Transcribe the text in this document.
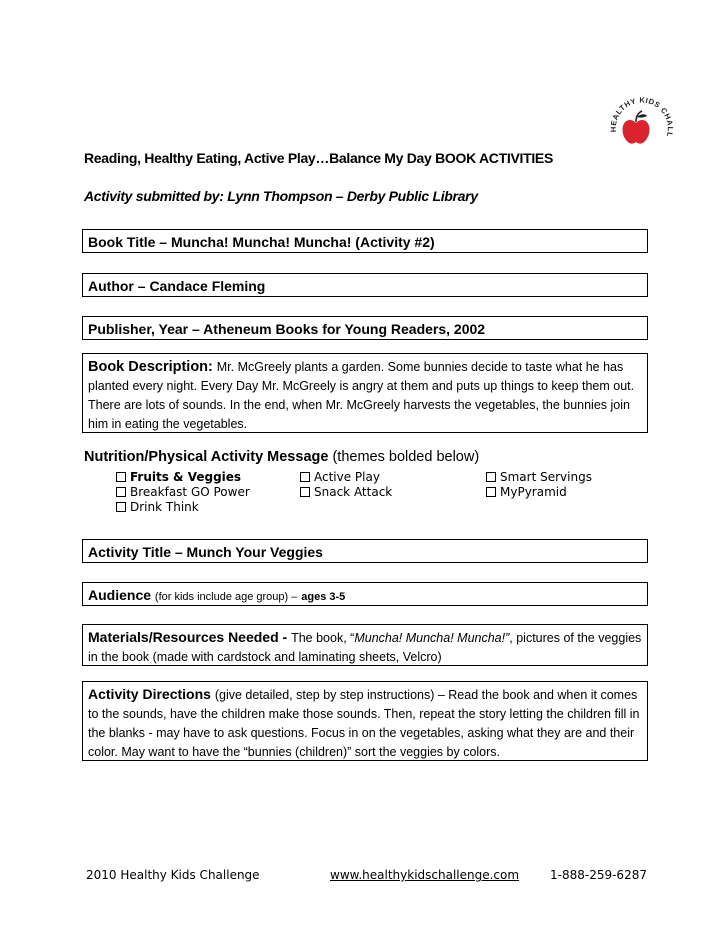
HEALTHY KIDS CHALL
Reading, Healthy Eating, Active Play…Balance My Day BOOK ACTIVITIES
Activity submitted by: Lynn Thompson – Derby Public Library
Book Title – Muncha! Muncha! Muncha! (Activity #2)
Author – Candace Fleming
Publisher, Year – Atheneum Books for Young Readers, 2002
Book Description: Mr. McGreely plants a garden. Some bunnies decide to taste what he has planted every night. Every Day Mr. McGreely is angry at them and puts up things to keep them out. There are lots of sounds. In the end, when Mr. McGreely harvests the vegetables, the bunnies join him in eating the vegetables.
Nutrition/Physical Activity Message (themes bolded below)
Fruits & Veggies	Active Play	Smart Servings
Breakfast GO Power	Snack Attack	MyPyramid
Drink Think
Activity Title – Munch Your Veggies
Audience (for kids include age group) – ages 3-5
Materials/Resources Needed - The book, “Muncha! Muncha! Muncha!”, pictures of the veggies in the book (made with cardstock and laminating sheets, Velcro)
Activity Directions (give detailed, step by step instructions) – Read the book and when it comes to the sounds, have the children make those sounds. Then, repeat the story letting the children fill in the blanks - may have to ask questions. Focus in on the vegetables, asking what they are and their color. May want to have the “bunnies (children)” sort the veggies by colors.
2010 Healthy Kids Challenge	www.healthykidschallenge.com	1-888-259-6287
